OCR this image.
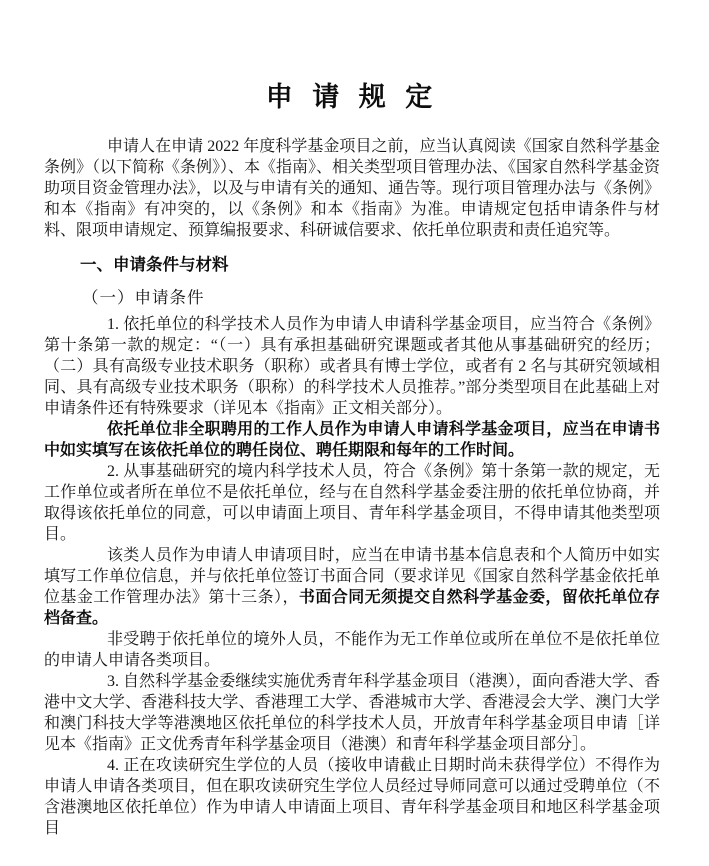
申 请 规 定

申请人在申请 2022 年度科学基金项目之前，应当认真阅读《国家自然科学基金条例》（以下简称《条例》）、本《指南》、相关类型项目管理办法、《国家自然科学基金资助项目资金管理办法》，以及与申请有关的通知、通告等。现行项目管理办法与《条例》和本《指南》有冲突的，以《条例》和本《指南》为准。申请规定包括申请条件与材料、限项申请规定、预算编报要求、科研诚信要求、依托单位职责和责任追究等。

一、申请条件与材料

（一）申请条件

1. 依托单位的科学技术人员作为申请人申请科学基金项目，应当符合《条例》第十条第一款的规定：“（一）具有承担基础研究课题或者其他从事基础研究的经历；（二）具有高级专业技术职务（职称）或者具有博士学位，或者有 2 名与其研究领域相同、具有高级专业技术职务（职称）的科学技术人员推荐。”部分类型项目在此基础上对申请条件还有特殊要求（详见本《指南》正文相关部分）。

依托单位非全职聘用的工作人员作为申请人申请科学基金项目，应当在申请书中如实填写在该依托单位的聘任岗位、聘任期限和每年的工作时间。

2. 从事基础研究的境内科学技术人员，符合《条例》第十条第一款的规定，无工作单位或者所在单位不是依托单位，经与在自然科学基金委注册的依托单位协商，并取得该依托单位的同意，可以申请面上项目、青年科学基金项目，不得申请其他类型项目。

该类人员作为申请人申请项目时，应当在申请书基本信息表和个人简历中如实填写工作单位信息，并与依托单位签订书面合同（要求详见《国家自然科学基金依托单位基金工作管理办法》第十三条），书面合同无须提交自然科学基金委，留依托单位存档备查。

非受聘于依托单位的境外人员，不能作为无工作单位或所在单位不是依托单位的申请人申请各类项目。

3. 自然科学基金委继续实施优秀青年科学基金项目（港澳），面向香港大学、香港中文大学、香港科技大学、香港理工大学、香港城市大学、香港浸会大学、澳门大学和澳门科技大学等港澳地区依托单位的科学技术人员，开放青年科学基金项目申请［详见本《指南》正文优秀青年科学基金项目（港澳）和青年科学基金项目部分］。

4. 正在攻读研究生学位的人员（接收申请截止日期时尚未获得学位）不得作为申请人申请各类项目，但在职攻读研究生学位人员经过导师同意可以通过受聘单位（不含港澳地区依托单位）作为申请人申请面上项目、青年科学基金项目和地区科学基金项目
